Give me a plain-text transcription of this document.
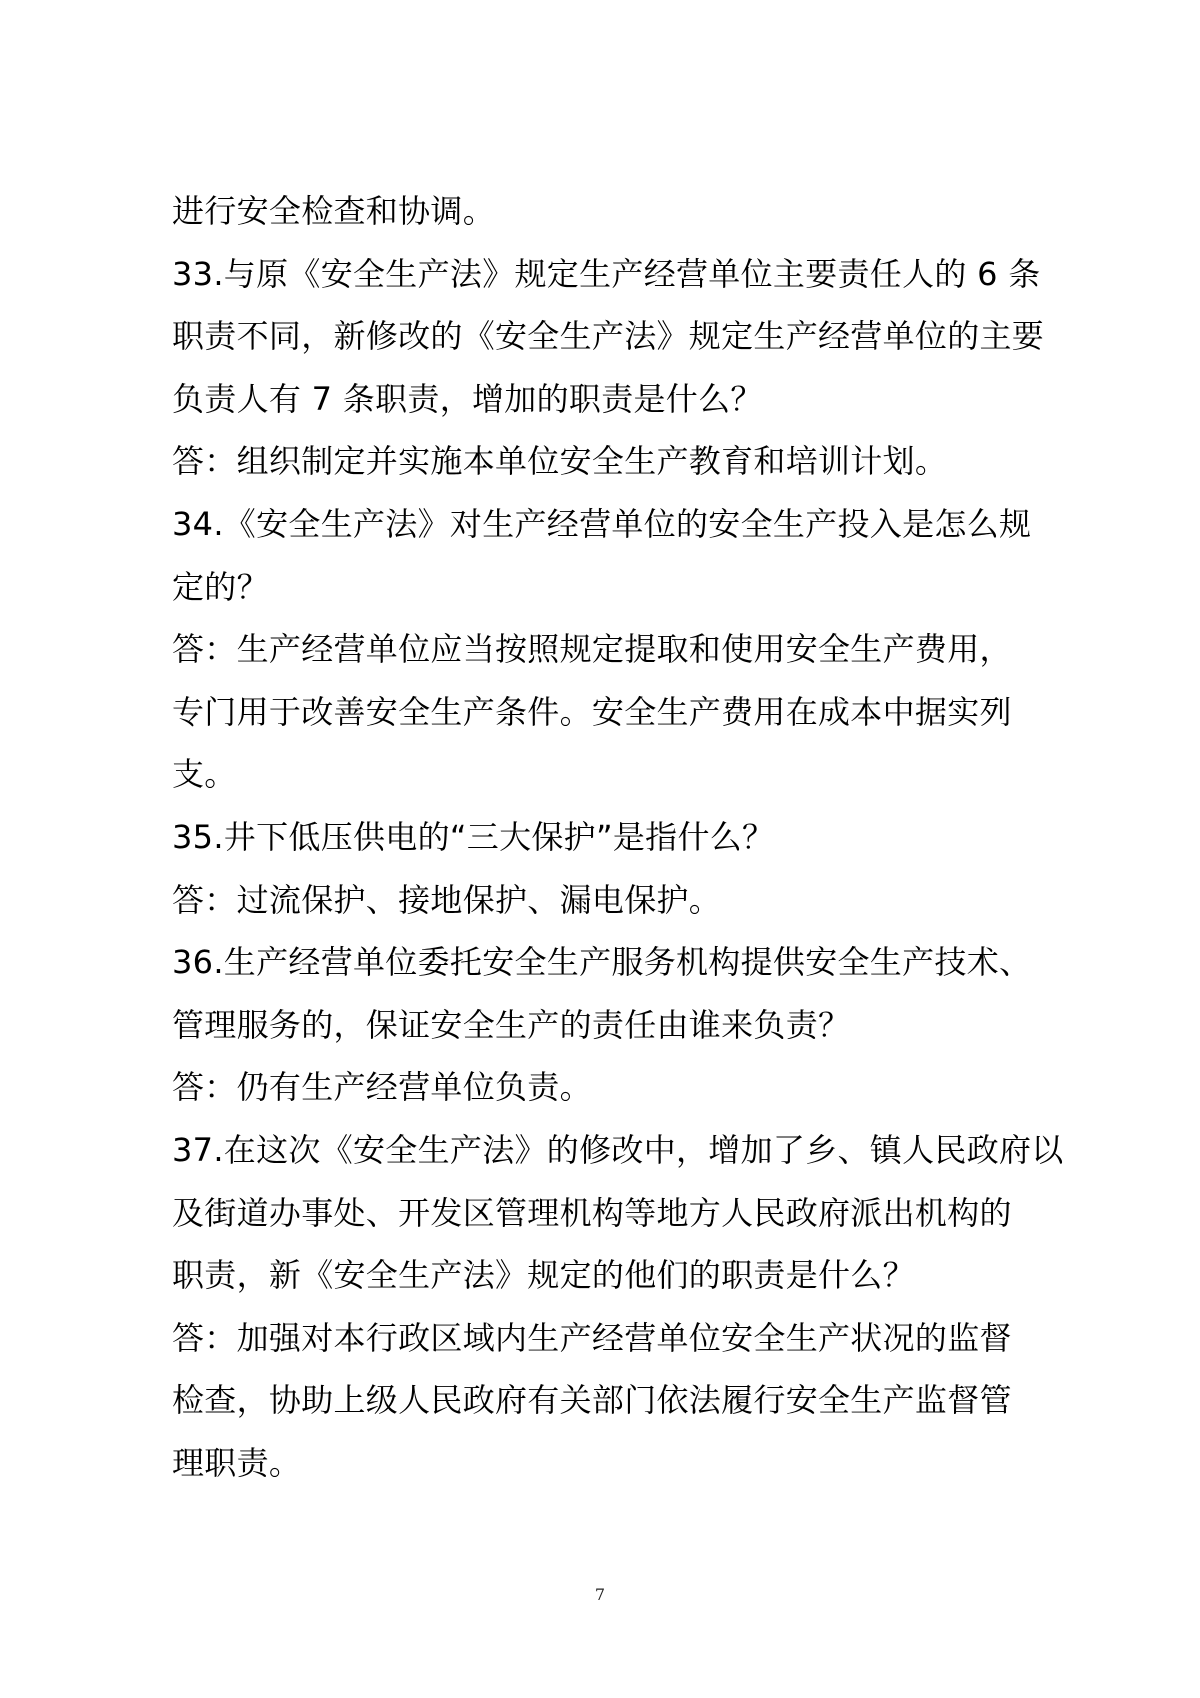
进行安全检查和协调。
33.与原《安全生产法》规定生产经营单位主要责任人的 6 条
职责不同，新修改的《安全生产法》规定生产经营单位的主要
负责人有 7 条职责，增加的职责是什么？
答：组织制定并实施本单位安全生产教育和培训计划。
34.《安全生产法》对生产经营单位的安全生产投入是怎么规
定的？
答：生产经营单位应当按照规定提取和使用安全生产费用，
专门用于改善安全生产条件。安全生产费用在成本中据实列
支。
35.井下低压供电的“三大保护”是指什么？
答：过流保护、接地保护、漏电保护。
36.生产经营单位委托安全生产服务机构提供安全生产技术、
管理服务的，保证安全生产的责任由谁来负责？
答：仍有生产经营单位负责。
37.在这次《安全生产法》的修改中，增加了乡、镇人民政府以
及街道办事处、开发区管理机构等地方人民政府派出机构的
职责，新《安全生产法》规定的他们的职责是什么？
答：加强对本行政区域内生产经营单位安全生产状况的监督
检查，协助上级人民政府有关部门依法履行安全生产监督管
理职责。
7
